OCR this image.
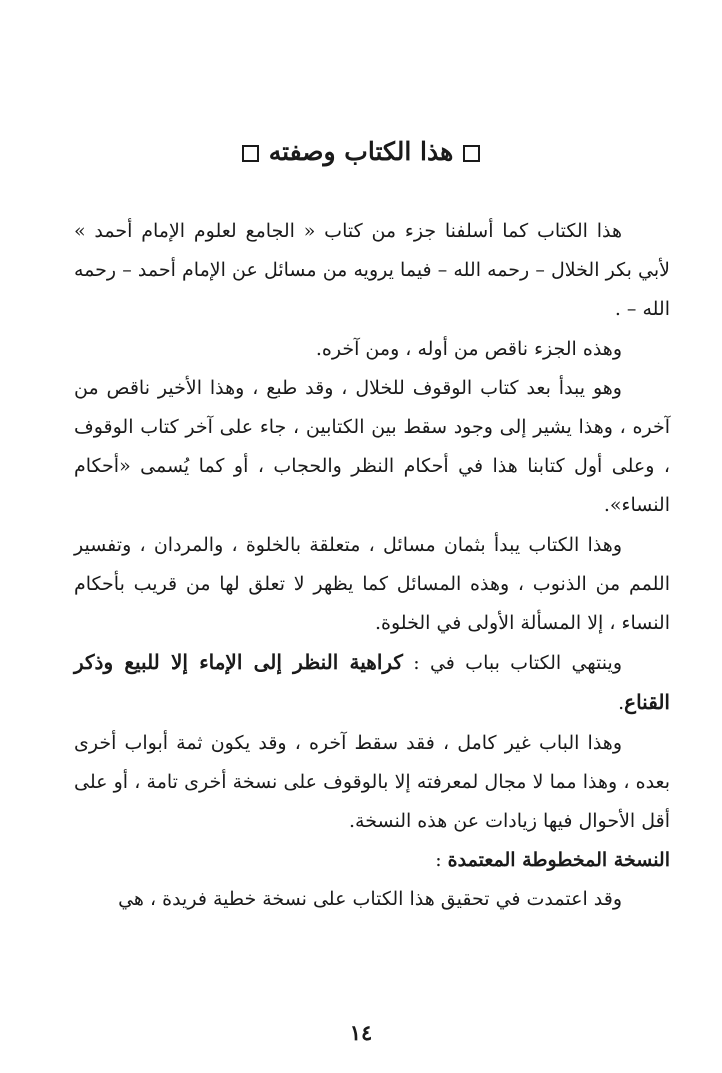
هذا الكتاب وصفته

هذا الكتاب كما أسلفنا جزء من كتاب « الجامع لعلوم الإمام أحمد » لأبي بكر الخلال – رحمه الله – فيما يرويه من مسائل عن الإمام أحمد – رحمه الله – .

وهذه الجزء ناقص من أوله ، ومن آخره.

وهو يبدأ بعد كتاب الوقوف للخلال ، وقد طبع ، وهذا الأخير ناقص من آخره ، وهذا يشير إلى وجود سقط بين الكتابين ، جاء على آخر كتاب الوقوف ، وعلى أول كتابنا هذا في أحكام النظر والحجاب ، أو كما يُسمى «أحكام النساء».

وهذا الكتاب يبدأ بثمان مسائل ، متعلقة بالخلوة ، والمردان ، وتفسير اللمم من الذنوب ، وهذه المسائل كما يظهر لا تعلق لها من قريب بأحكام النساء ، إلا المسألة الأولى في الخلوة.

وينتهي الكتاب بباب في : كراهية النظر إلى الإماء إلا للبيع وذكر القناع.

وهذا الباب غير كامل ، فقد سقط آخره ، وقد يكون ثمة أبواب أخرى بعده ، وهذا مما لا مجال لمعرفته إلا بالوقوف على نسخة أخرى تامة ، أو على أقل الأحوال فيها زيادات عن هذه النسخة.

النسخة المخطوطة المعتمدة :

وقد اعتمدت في تحقيق هذا الكتاب على نسخة خطية فريدة ، هي

١٤
